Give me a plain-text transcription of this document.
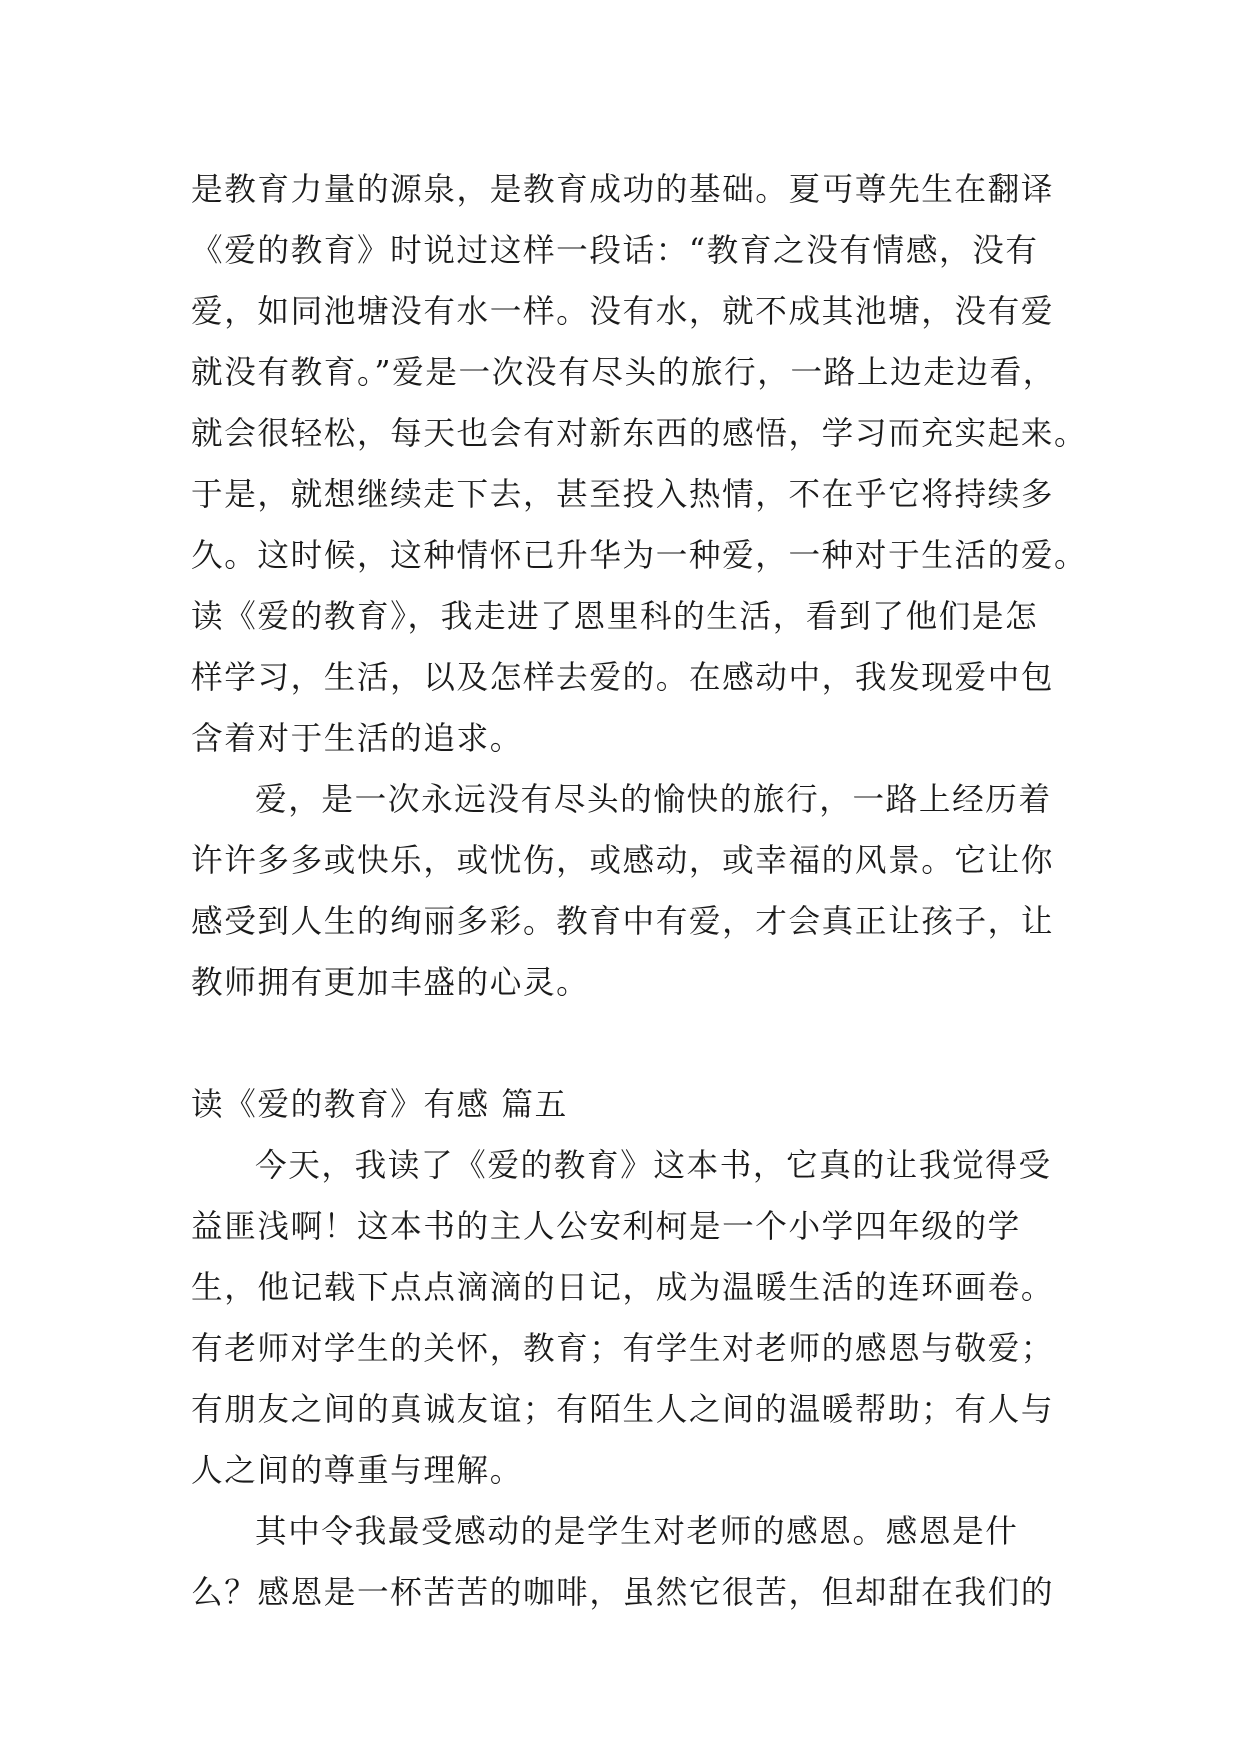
是教育力量的源泉，是教育成功的基础。夏丏尊先生在翻译
《爱的教育》时说过这样一段话：“教育之没有情感，没有
爱，如同池塘没有水一样。没有水，就不成其池塘，没有爱
就没有教育。”爱是一次没有尽头的旅行，一路上边走边看，
就会很轻松，每天也会有对新东西的感悟，学习而充实起来。
于是，就想继续走下去，甚至投入热情，不在乎它将持续多
久。这时候，这种情怀已升华为一种爱，一种对于生活的爱。
读《爱的教育》，我走进了恩里科的生活，看到了他们是怎
样学习，生活，以及怎样去爱的。在感动中，我发现爱中包
含着对于生活的追求。
爱，是一次永远没有尽头的愉快的旅行，一路上经历着
许许多多或快乐，或忧伤，或感动，或幸福的风景。它让你
感受到人生的绚丽多彩。教育中有爱，才会真正让孩子，让
教师拥有更加丰盛的心灵。
读《爱的教育》有感 篇五
今天，我读了《爱的教育》这本书，它真的让我觉得受
益匪浅啊！这本书的主人公安利柯是一个小学四年级的学
生，他记载下点点滴滴的日记，成为温暖生活的连环画卷。
有老师对学生的关怀，教育；有学生对老师的感恩与敬爱；
有朋友之间的真诚友谊；有陌生人之间的温暖帮助；有人与
人之间的尊重与理解。
其中令我最受感动的是学生对老师的感恩。感恩是什
么？感恩是一杯苦苦的咖啡，虽然它很苦，但却甜在我们的
